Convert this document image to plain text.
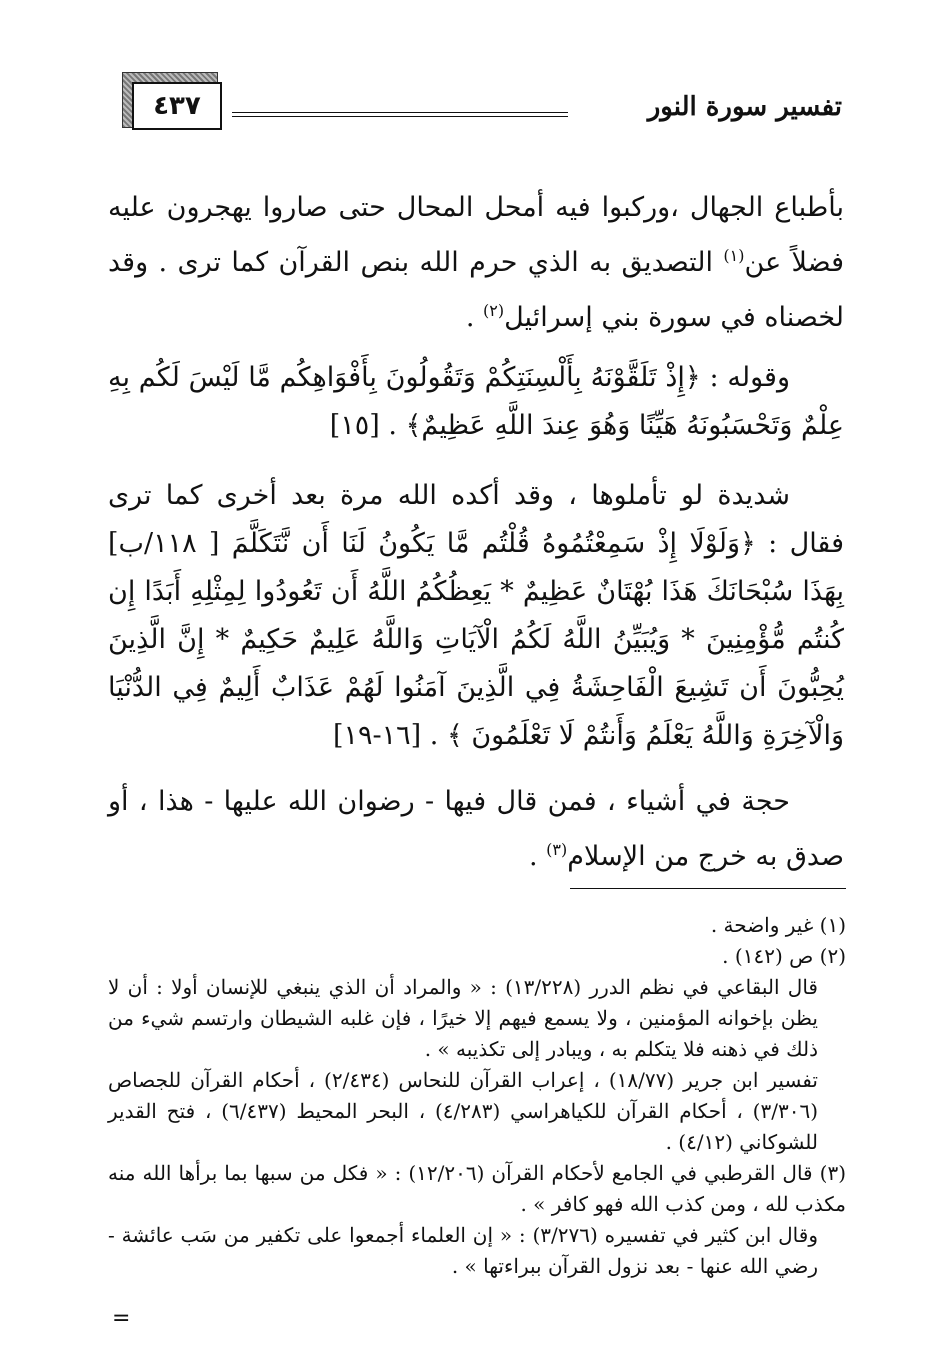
٤٣٧	تفسير سورة النور
بأطباع الجهال ،وركبوا فيه أمحل المحال حتى صاروا يهجرون عليه فضلاً عن$^{(١)}$ التصديق به الذي حرم الله بنص القرآن كما ترى . وقد لخصناه في سورة بني إسرائيل$^{(٢)}$ .
وقوله : ﴿إِذْ تَلَقَّوْنَهُ بِأَلْسِنَتِكُمْ وَتَقُولُونَ بِأَفْوَاهِكُم مَّا لَيْسَ لَكُم بِهِ عِلْمٌ وَتَحْسَبُونَهُ هَيِّنًا وَهُوَ عِندَ اللَّهِ عَظِيمٌ﴾ . [١٥]
شديدة لو تأملوها ، وقد أكده الله مرة بعد أخرى كما ترى فقال : ﴿وَلَوْلَا إِذْ سَمِعْتُمُوهُ قُلْتُم مَّا يَكُونُ لَنَا أَن نَّتَكَلَّمَ [ ١١٨/ب] بِهَذَا سُبْحَانَكَ هَذَا بُهْتَانٌ عَظِيمٌ * يَعِظُكُمُ اللَّهُ أَن تَعُودُوا لِمِثْلِهِ أَبَدًا إِن كُنتُم مُّؤْمِنِينَ * وَيُبَيِّنُ اللَّهُ لَكُمُ الْآيَاتِ وَاللَّهُ عَلِيمٌ حَكِيمٌ * إِنَّ الَّذِينَ يُحِبُّونَ أَن تَشِيعَ الْفَاحِشَةُ فِي الَّذِينَ آمَنُوا لَهُمْ عَذَابٌ أَلِيمٌ فِي الدُّنْيَا وَالْآخِرَةِ وَاللَّهُ يَعْلَمُ وَأَنتُمْ لَا تَعْلَمُونَ ﴾ . [١٦-١٩]
حجة في أشياء ، فمن قال فيها - رضوان الله عليها - هذا ، أو صدق به خرج من الإسلام$^{(٣)}$ .

(١) غير واضحة .

(٢) ص (١٤٢) .

قال البقاعي في نظم الدرر (١٣/٢٢٨) : « والمراد أن الذي ينبغي للإنسان أولا : أن لا يظن بإخوانه المؤمنين ، ولا يسمع فيهم إلا خيرًا ، فإن غلبه الشيطان وارتسم شيء من ذلك في ذهنه فلا يتكلم به ، ويبادر إلى تكذيبه » .

تفسير ابن جرير (١٨/٧٧) ، إعراب القرآن للنحاس (٢/٤٣٤) ، أحكام القرآن للجصاص (٣/٣٠٦) ، أحكام القرآن للكياهراسي (٤/٢٨٣) ، البحر المحيط (٦/٤٣٧) ، فتح القدير للشوكاني (٤/١٢) .

(٣) قال القرطبي في الجامع لأحكام القرآن (١٢/٢٠٦) : « فكل من سبها بما برأها الله منه مكذب لله ، ومن كذب الله فهو كافر » .

وقال ابن كثير في تفسيره (٣/٢٧٦) : « إن العلماء أجمعوا على تكفير من سَب عائشة - رضي الله عنها - بعد نزول القرآن ببراءتها » .

=
